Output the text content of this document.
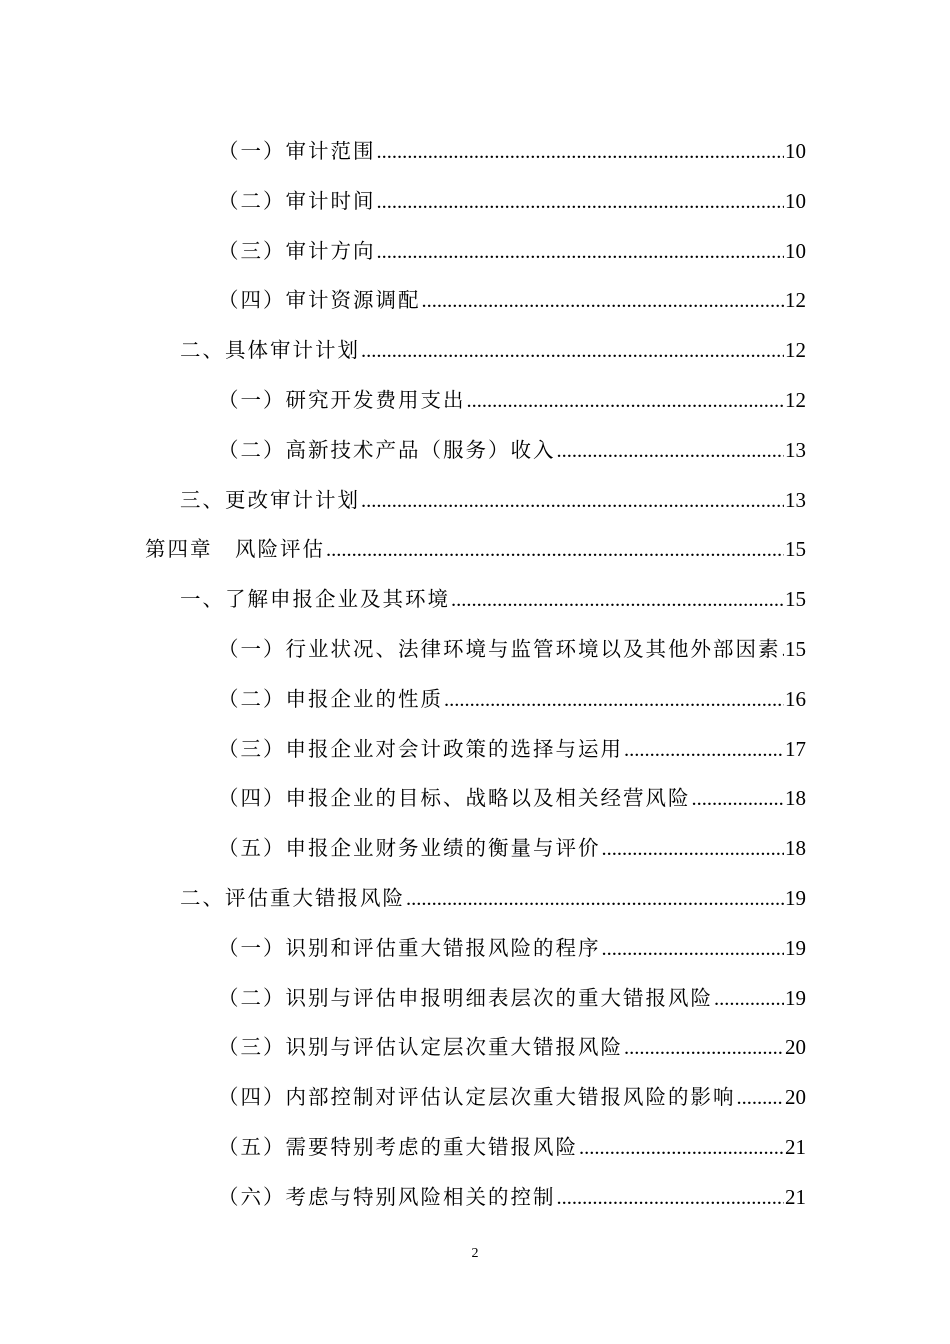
（一）审计范围 .....	10
（二）审计时间 .....	10
（三）审计方向 .....	10
（四）审计资源调配 .....	12
二、具体审计计划 .....	12
（一）研究开发费用支出 .....	12
（二）高新技术产品（服务）收入 .....	13
三、更改审计计划 .....	13
第四章　风险评估 .....	15
一、了解申报企业及其环境 .....	15
（一）行业状况、法律环境与监管环境以及其他外部因素 ..... 15
（二）申报企业的性质 .....	16
（三）申报企业对会计政策的选择与运用 .....	17
（四）申报企业的目标、战略以及相关经营风险 .....	18
（五）申报企业财务业绩的衡量与评价 .....	18
二、评估重大错报风险 .....	19
（一）识别和评估重大错报风险的程序 .....	19
（二）识别与评估申报明细表层次的重大错报风险 .....	19
（三）识别与评估认定层次重大错报风险 .....	20
（四）内部控制对评估认定层次重大错报风险的影响 ..... 20
（五）需要特别考虑的重大错报风险 .....	21
（六）考虑与特别风险相关的控制 .....	21
2
